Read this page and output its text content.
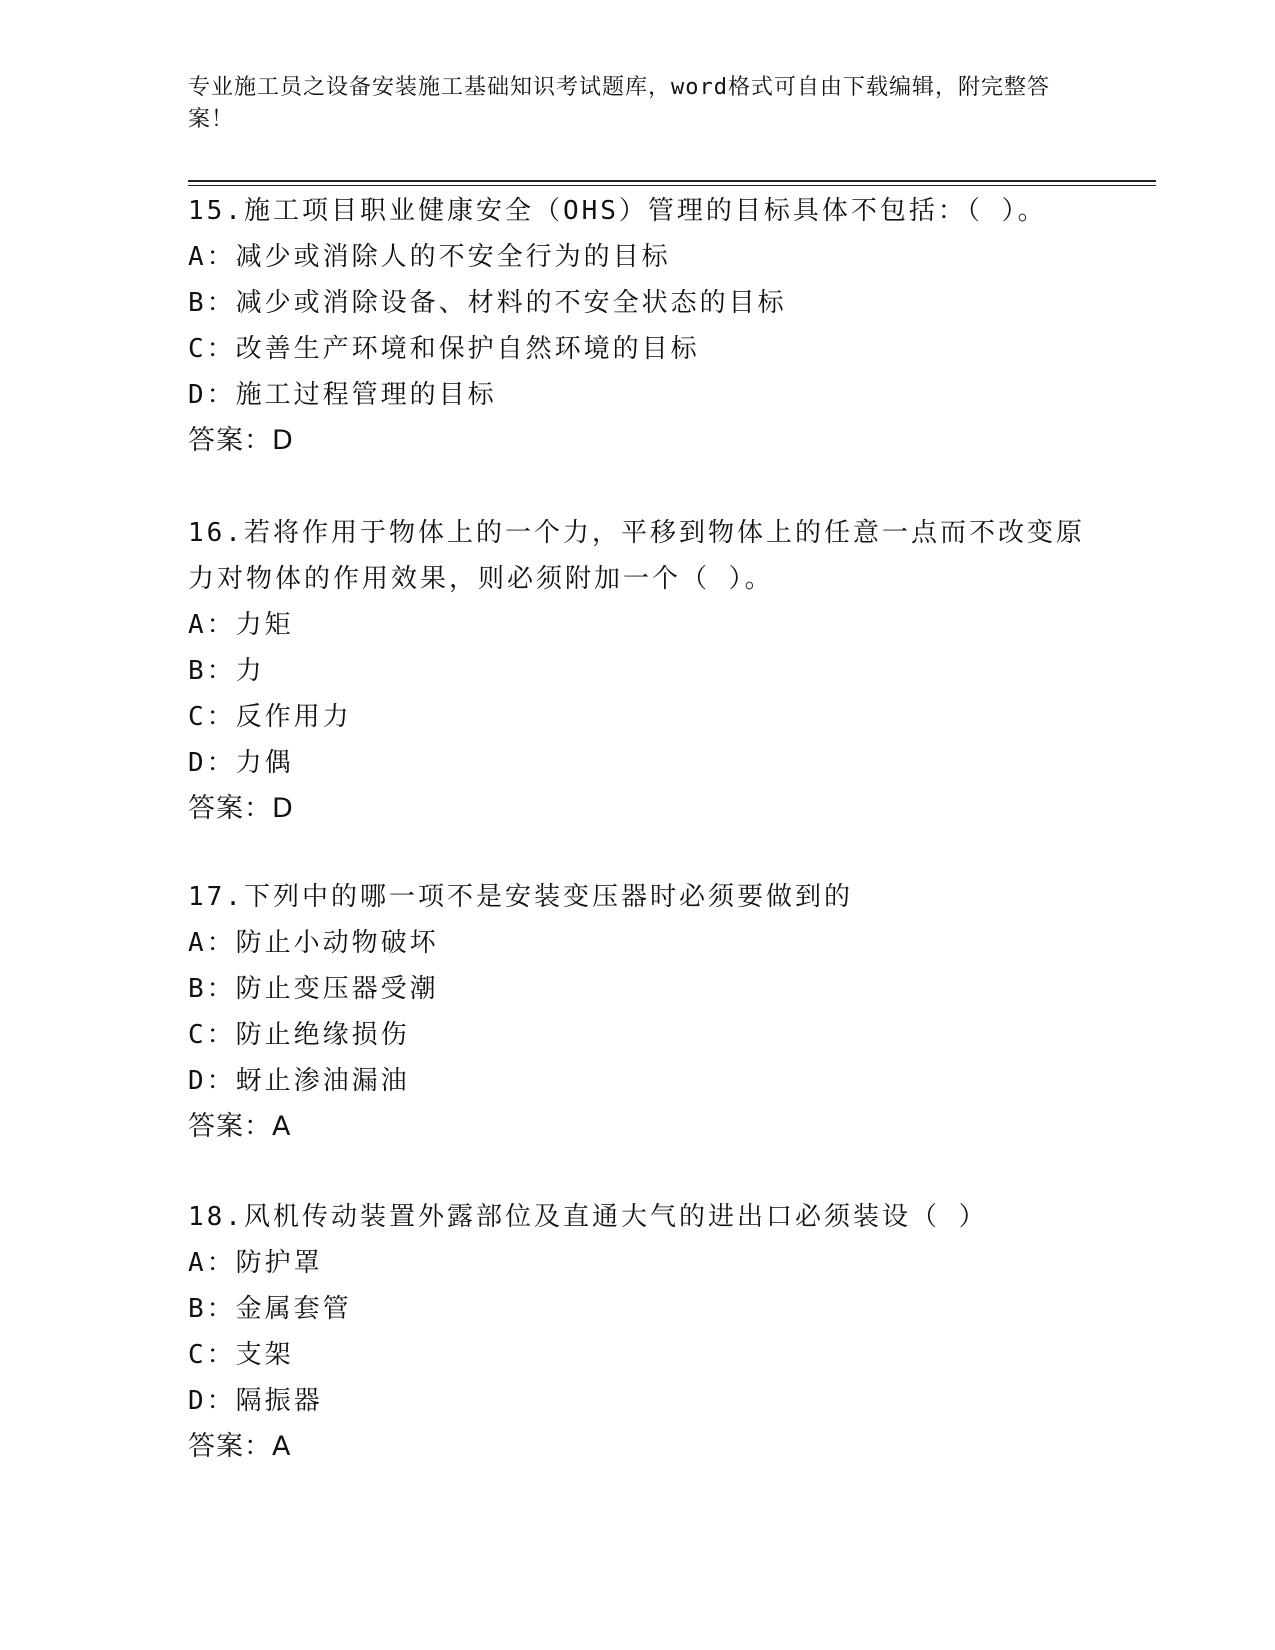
专业施工员之设备安装施工基础知识考试题库，word格式可自由下载编辑，附完整答案！

15.施工项目职业健康安全（OHS）管理的目标具体不包括：（ ）。

A：减少或消除人的不安全行为的目标

B：减少或消除设备、材料的不安全状态的目标

C：改善生产环境和保护自然环境的目标

D：施工过程管理的目标

答案：D

16.若将作用于物体上的一个力，平移到物体上的任意一点而不改变原力对物体的作用效果，则必须附加一个（ ）。

A：力矩

B：力

C：反作用力

D：力偶

答案：D

17.下列中的哪一项不是安装变压器时必须要做到的

A：防止小动物破坏

B：防止变压器受潮

C：防止绝缘损伤

D：蚜止渗油漏油

答案：A

18.风机传动装置外露部位及直通大气的进出口必须装设（ ）

A：防护罩

B：金属套管

C：支架

D：隔振器

答案：A
